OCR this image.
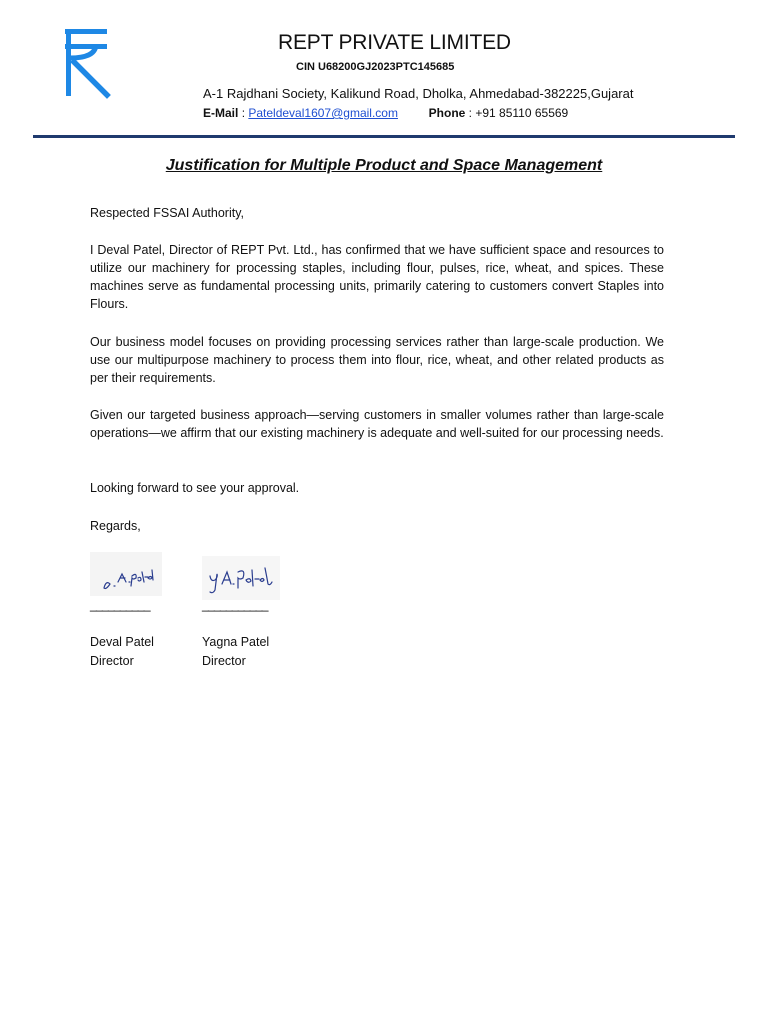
REPT PRIVATE LIMITED
CIN U68200GJ2023PTC145685
A-1 Rajdhani Society, Kalikund Road, Dholka, Ahmedabad-382225,Gujarat
E-Mail : Pateldeval1607@gmail.com	Phone : +91 85110 65569
Justification for Multiple Product and Space Management
Respected FSSAI Authority,
I Deval Patel, Director of REPT Pvt. Ltd., has confirmed that we have sufficient space and resources to utilize our machinery for processing staples, including flour, pulses, rice, wheat, and spices. These machines serve as fundamental processing units, primarily catering to customers convert Staples into Flours.
Our business model focuses on providing processing services rather than large-scale production. We use our multipurpose machinery to process them into flour, rice, wheat, and other related products as per their requirements.
Given our targeted business approach—serving customers in smaller volumes rather than large-scale operations—we affirm that our existing machinery is adequate and well-suited for our processing needs.
Looking forward to see your approval.
Regards,
__________
Deval Patel
Director
___________
Yagna Patel
Director
